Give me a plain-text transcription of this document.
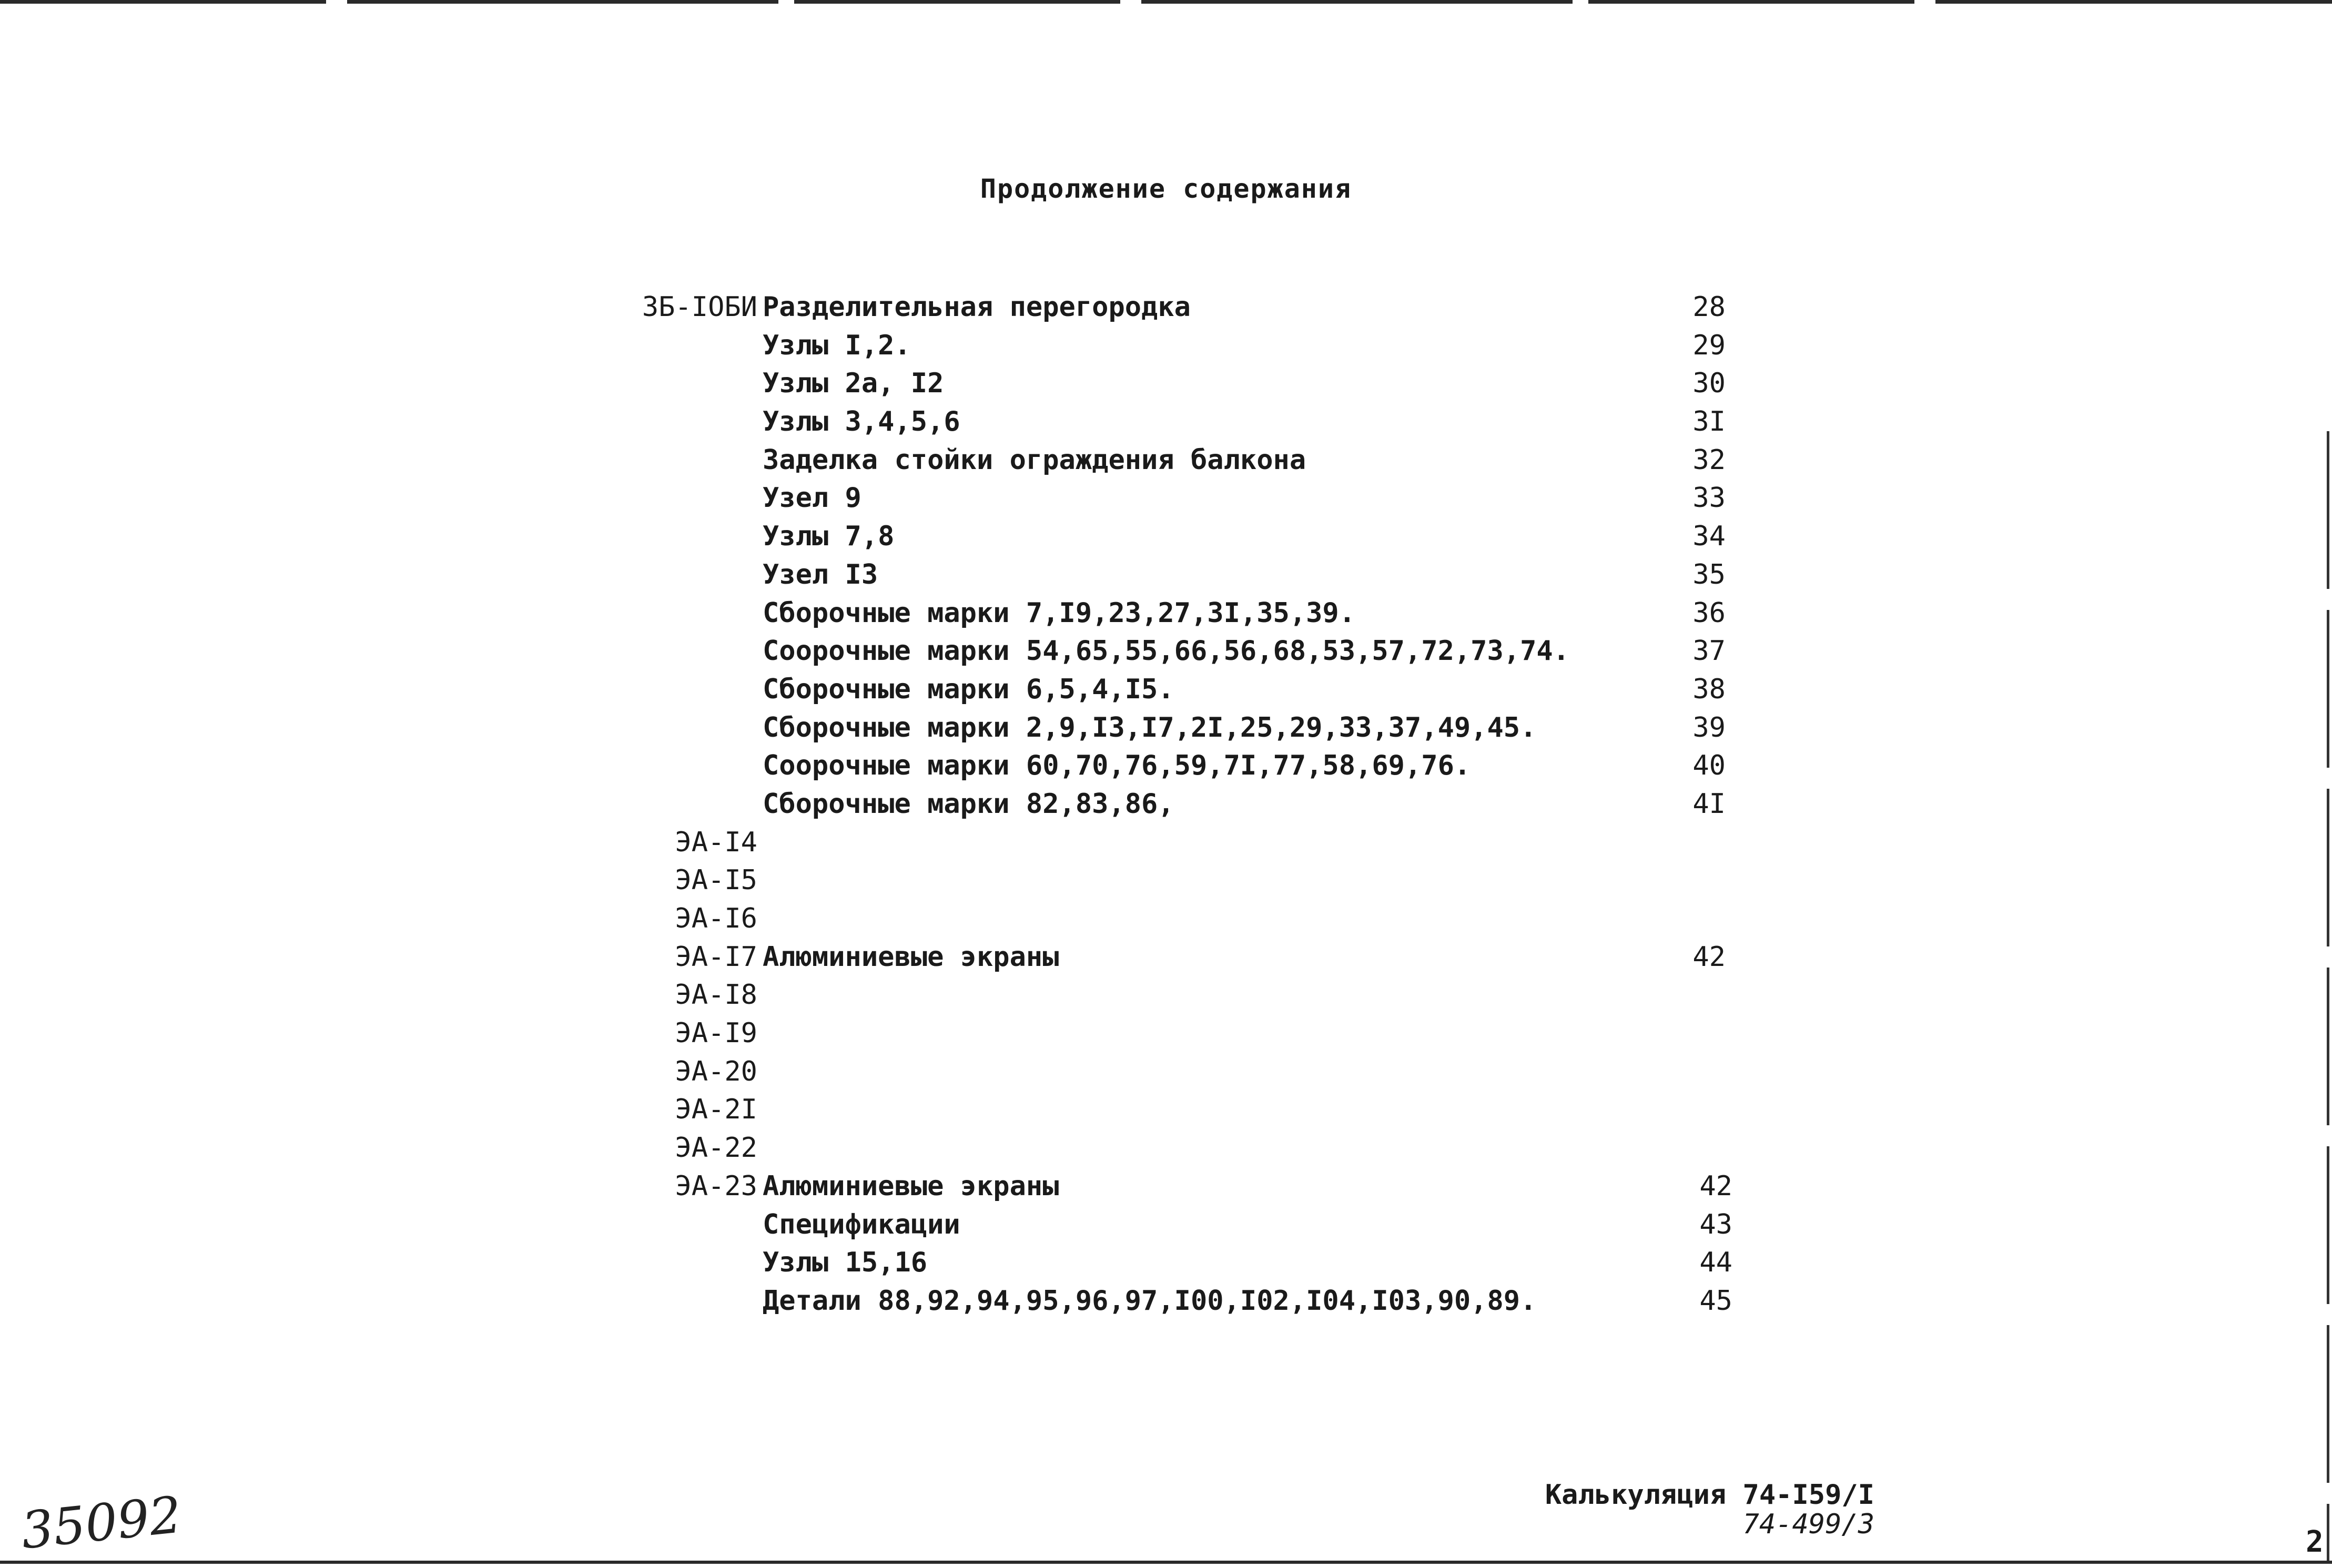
Продолжение содержания
ЗБ-IОБИ Разделительная перегородка	28
Узлы I,2.	29
Узлы 2а, I2	30
Узлы 3,4,5,6	3I
Заделка стойки ограждения балкона	32
Узел 9	33
Узлы 7,8	34
Узел I3	35
Сборочные марки 7,I9,23,27,3I,35,39.	36
Соорочные марки 54,65,55,66,56,68,53,57,72,73,74.	37
Сборочные марки 6,5,4,I5.	38
Сборочные марки 2,9,I3,I7,2I,25,29,33,37,49,45.	39
Соорочные марки 60,70,76,59,7I,77,58,69,76.	40
Сборочные марки 82,83,86,	4I
ЭА-I4
ЭА-I5
ЭА-I6
ЭА-I7 Алюминиевые экраны	42
ЭА-I8
ЭА-I9
ЭА-20
ЭА-2I
ЭА-22
ЭА-23 Алюминиевые экраны	42
Спецификации	43
Узлы 15,16	44
Детали 88,92,94,95,96,97,I00,I02,I04,I03,90,89.	45
Калькуляция 74-I59/I
74-499/3
35092	2
